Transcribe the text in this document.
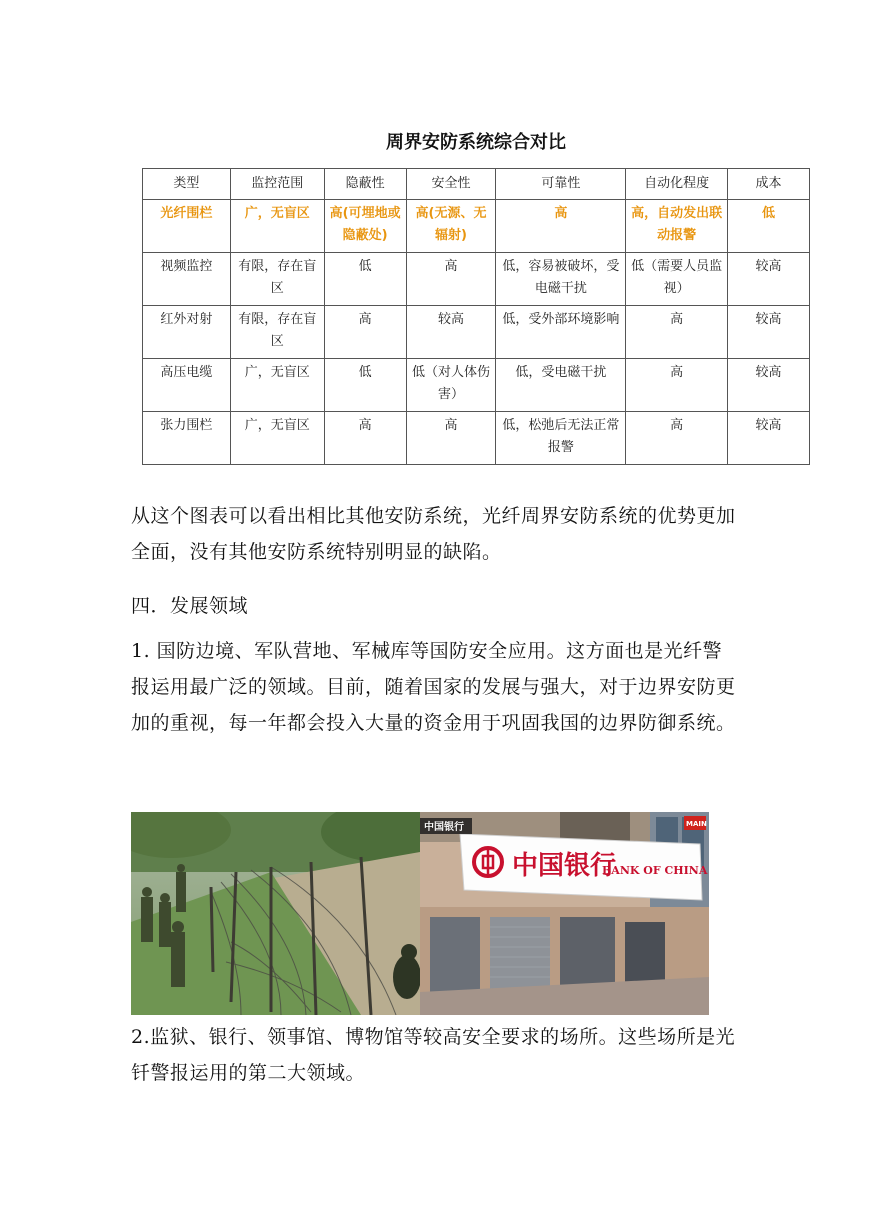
周界安防系统综合对比
类型	监控范围	隐蔽性	安全性	可靠性	自动化程度	成本
光纤围栏	广，无盲区	高(可埋地或隐蔽处)	高(无源、无辐射)	高	高，自动发出联动报警	低
视频监控	有限，存在盲区	低	高	低，容易被破坏，受电磁干扰	低（需要人员监视）	较高
红外对射	有限，存在盲区	高	较高	低，受外部环境影响	高	较高
高压电缆	广，无盲区	低	低（对人体伤害）	低，受电磁干扰	高	较高
张力围栏	广，无盲区	高	高	低，松弛后无法正常报警	高	较高

从这个图表可以看出相比其他安防系统，光纤周界安防系统的优势更加全面，没有其他安防系统特别明显的缺陷。

四．发展领域

1. 国防边境、军队营地、军械库等国防安全应用。这方面也是光纤警报运用最广泛的领域。目前，随着国家的发展与强大，对于边界安防更加的重视，每一年都会投入大量的资金用于巩固我国的边界防御系统。

中国银行
BANK OF CHINA
中国银行	MAIN

2.监狱、银行、领事馆、博物馆等较高安全要求的场所。这些场所是光钎警报运用的第二大领域。
